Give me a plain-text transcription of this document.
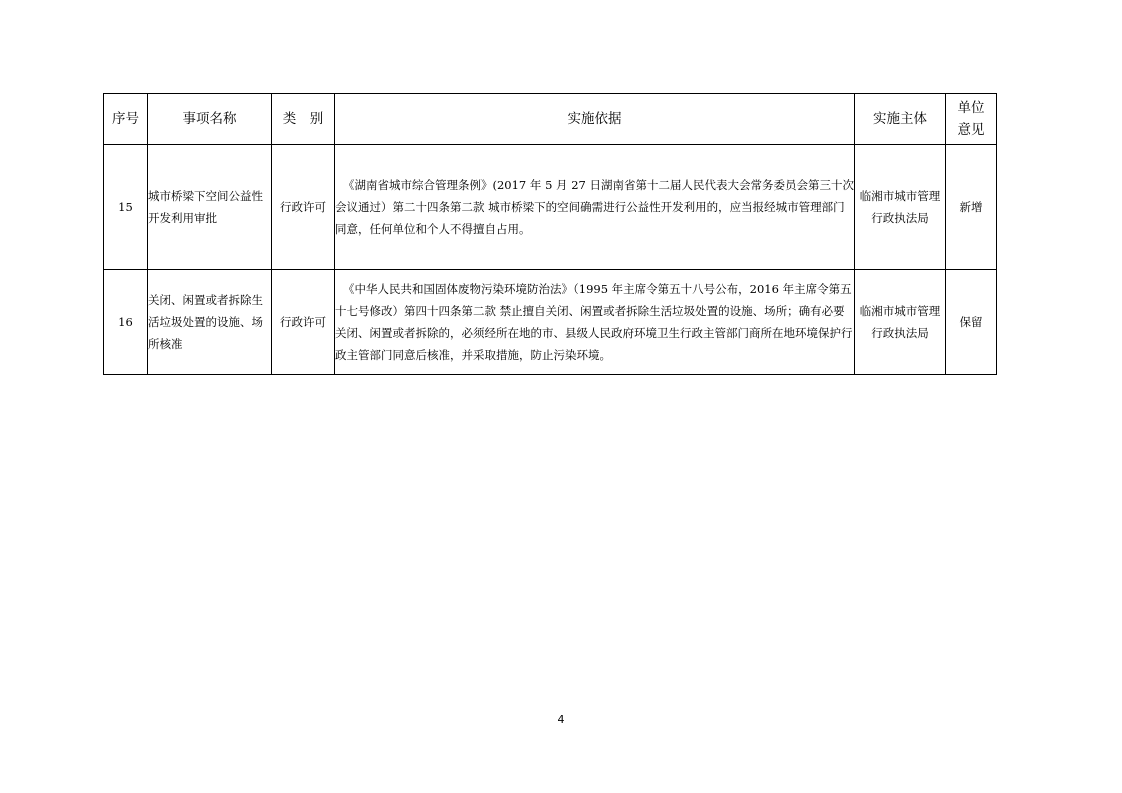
序号	事项名称	类　别	实施依据	实施主体	单位
意见
15	城市桥梁下空间公益性开发利用审批	行政许可	《湖南省城市综合管理条例》(2017 年 5 月 27 日湖南省第十二届人民代表大会常务委员会第三十次会议通过）第二十四条第二款 城市桥梁下的空间确需进行公益性开发利用的，应当报经城市管理部门同意，任何单位和个人不得擅自占用。	临湘市城市管理行政执法局	新增
16	关闭、闲置或者拆除生活垃圾处置的设施、场所核准	行政许可	《中华人民共和国固体废物污染环境防治法》（1995 年主席令第五十八号公布，2016 年主席令第五十七号修改）第四十四条第二款 禁止擅自关闭、闲置或者拆除生活垃圾处置的设施、场所；确有必要关闭、闲置或者拆除的，必须经所在地的市、县级人民政府环境卫生行政主管部门商所在地环境保护行政主管部门同意后核准，并采取措施，防止污染环境。	临湘市城市管理行政执法局	保留
4
